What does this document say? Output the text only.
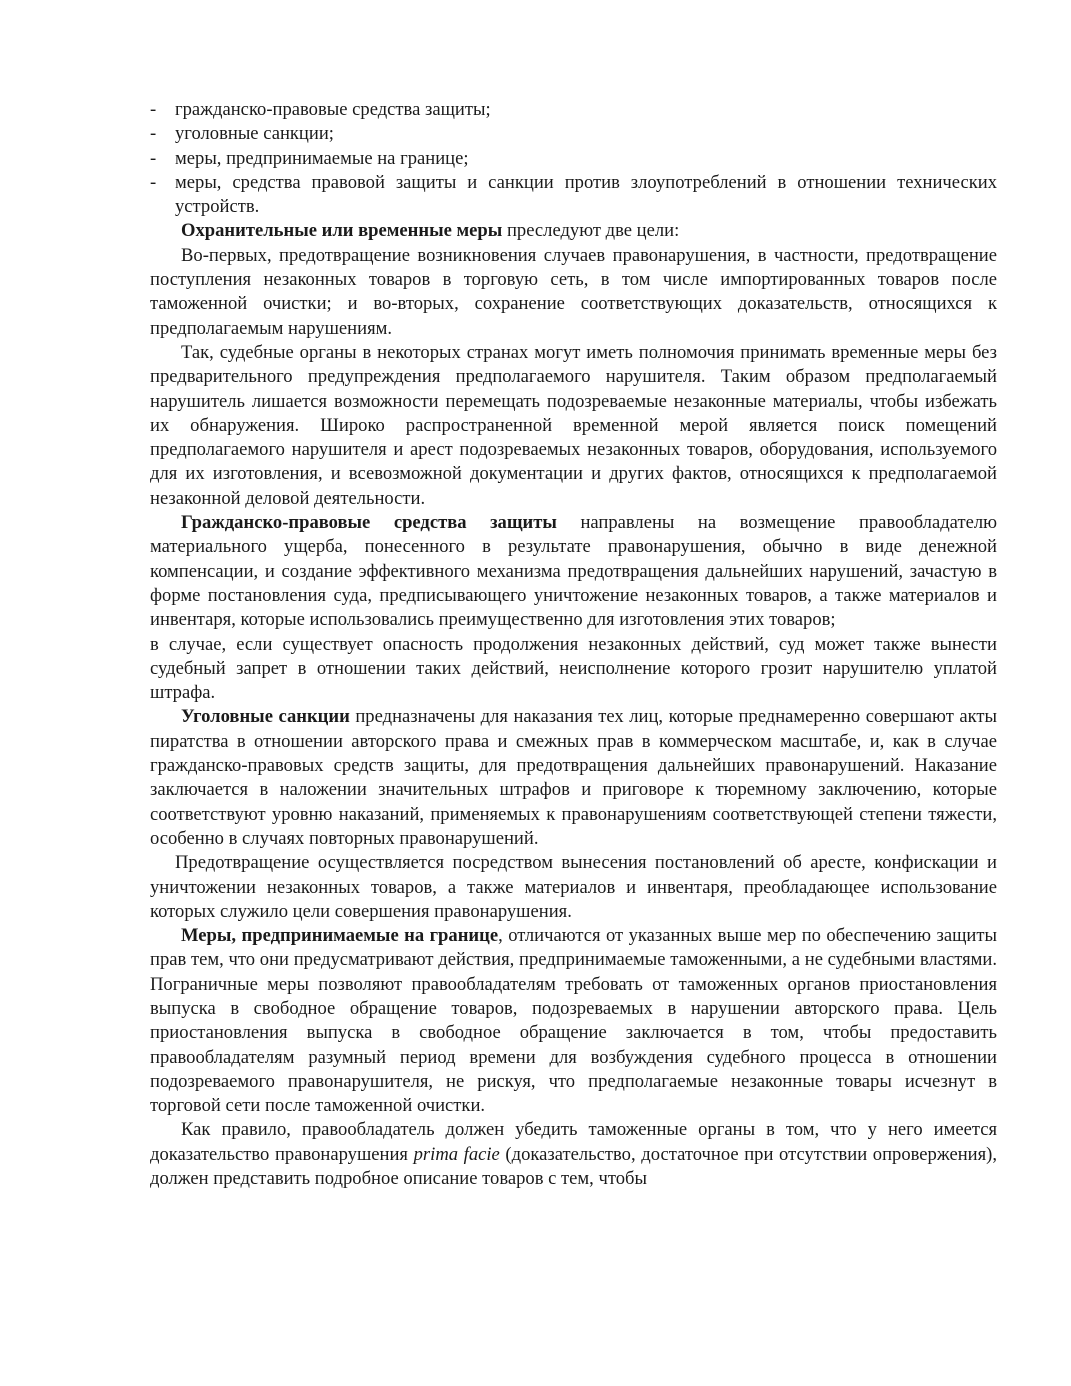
- гражданско-правовые средства защиты;
- уголовные санкции;
- меры, предпринимаемые на границе;
- меры, средства правовой защиты и санкции против злоупотреблений в отношении технических устройств.

Охранительные или временные меры преследуют две цели:

Во-первых, предотвращение возникновения случаев правонарушения, в частности, предотвращение поступления незаконных товаров в торговую сеть, в том числе импортированных товаров после таможенной очистки; и во-вторых, сохранение соответствующих доказательств, относящихся к предполагаемым нарушениям.

Так, судебные органы в некоторых странах могут иметь полномочия принимать временные меры без предварительного предупреждения предполагаемого нарушителя. Таким образом предполагаемый нарушитель лишается возможности перемещать подозреваемые незаконные материалы, чтобы избежать их обнаружения. Широко распространенной временной мерой является поиск помещений предполагаемого нарушителя и арест подозреваемых незаконных товаров, оборудования, используемого для их изготовления, и всевозможной документации и других фактов, относящихся к предполагаемой незаконной деловой деятельности.

Гражданско-правовые средства защиты направлены на возмещение правообладателю материального ущерба, понесенного в результате правонарушения, обычно в виде денежной компенсации, и создание эффективного механизма предотвращения дальнейших нарушений, зачастую в форме постановления суда, предписывающего уничтожение незаконных товаров, а также материалов и инвентаря, которые использовались преимущественно для изготовления этих товаров;

в случае, если существует опасность продолжения незаконных действий, суд может также вынести судебный запрет в отношении таких действий, неисполнение которого грозит нарушителю уплатой штрафа.

Уголовные санкции предназначены для наказания тех лиц, которые преднамеренно совершают акты пиратства в отношении авторского права и смежных прав в коммерческом масштабе, и, как в случае гражданско-правовых средств защиты, для предотвращения дальнейших правонарушений. Наказание заключается в наложении значительных штрафов и приговоре к тюремному заключению, которые соответствуют уровню наказаний, применяемых к правонарушениям соответствующей степени тяжести, особенно в случаях повторных правонарушений.

Предотвращение осуществляется посредством вынесения постановлений об аресте, конфискации и уничтожении незаконных товаров, а также материалов и инвентаря, преобладающее использование которых служило цели совершения правонарушения.

Меры, предпринимаемые на границе, отличаются от указанных выше мер по обеспечению защиты прав тем, что они предусматривают действия, предпринимаемые таможенными, а не судебными властями. Пограничные меры позволяют правообладателям требовать от таможенных органов приостановления выпуска в свободное обращение товаров, подозреваемых в нарушении авторского права. Цель приостановления выпуска в свободное обращение заключается в том, чтобы предоставить правообладателям разумный период времени для возбуждения судебного процесса в отношении подозреваемого правонарушителя, не рискуя, что предполагаемые незаконные товары исчезнут в торговой сети после таможенной очистки.

Как правило, правообладатель должен убедить таможенные органы в том, что у него имеется доказательство правонарушения prima facie (доказательство, достаточное при отсутствии опровержения), должен представить подробное описание товаров с тем, чтобы
